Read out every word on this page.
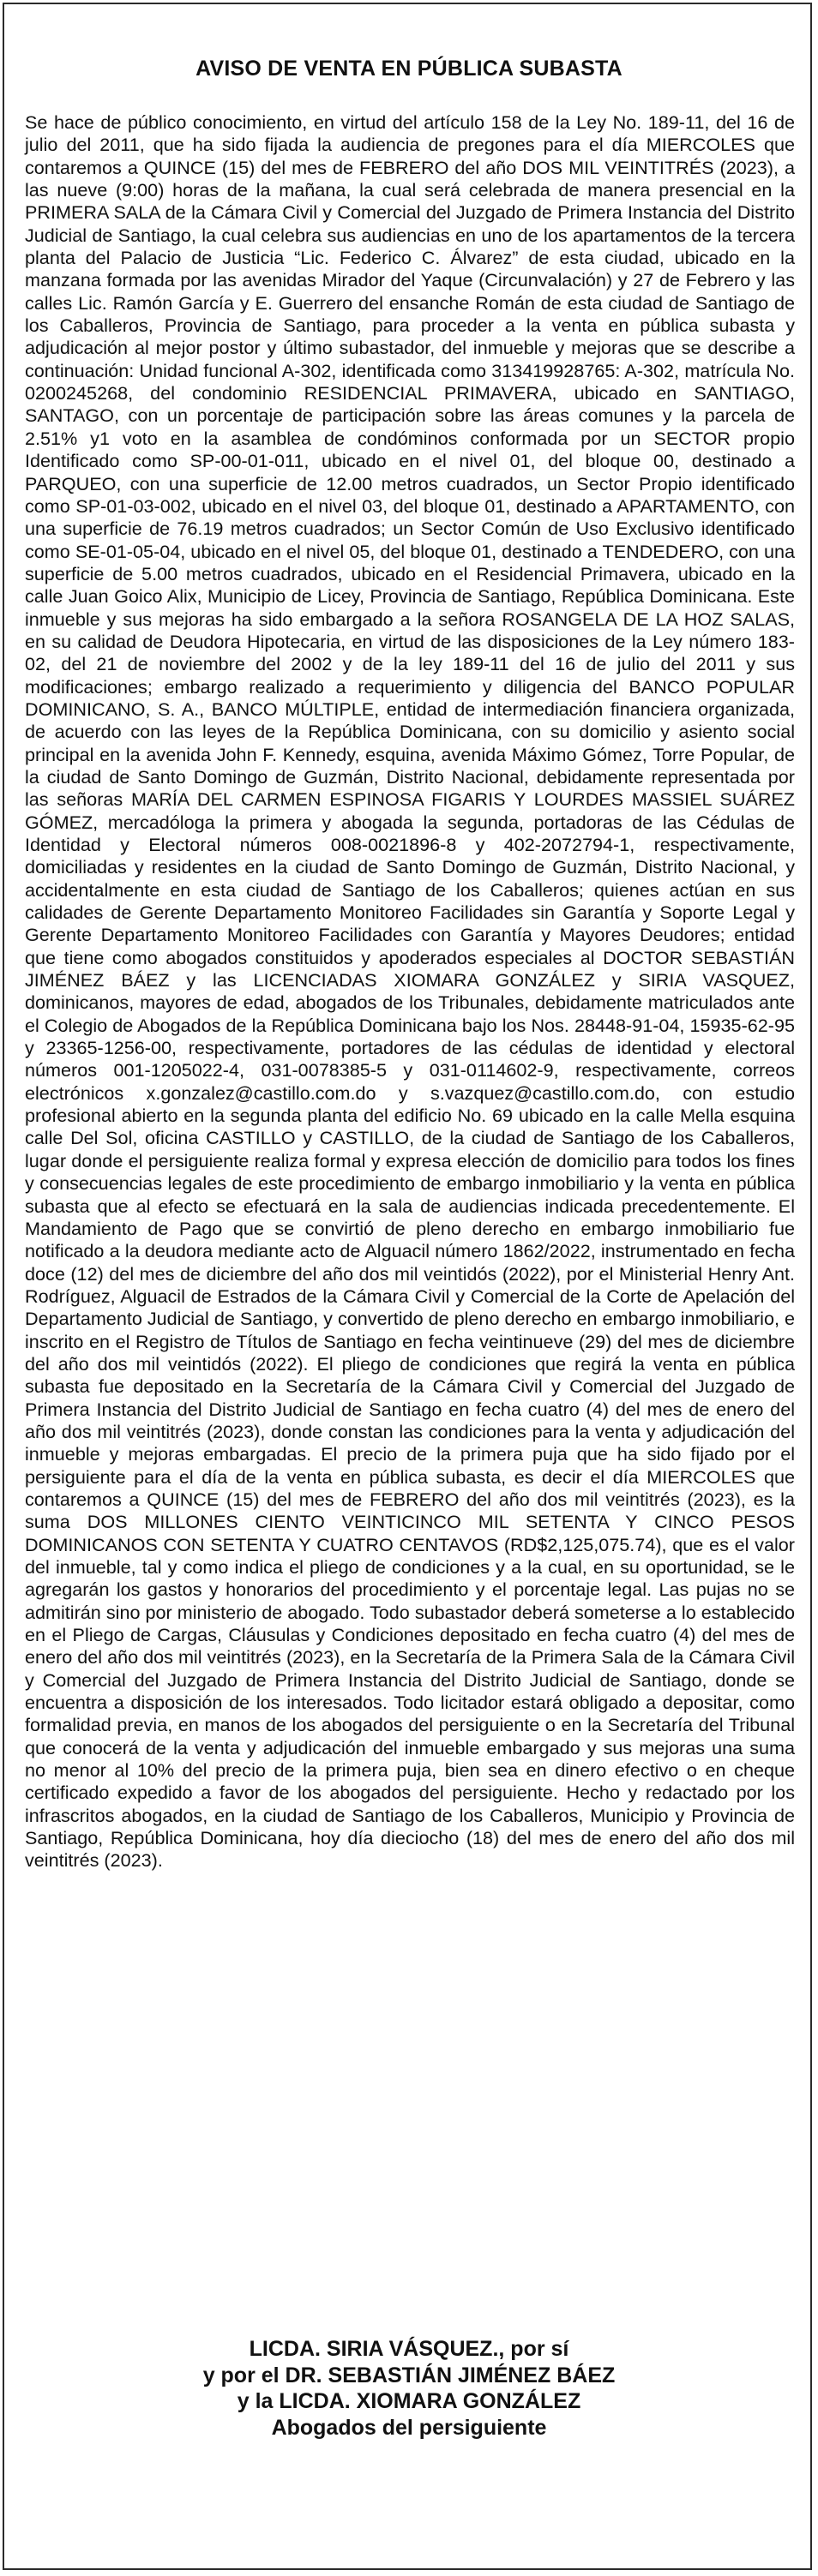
AVISO DE VENTA EN PÚBLICA SUBASTA

Se hace de público conocimiento, en virtud del artículo 158 de la Ley No. 189-11, del 16 de julio del 2011, que ha sido fijada la audiencia de pregones para el día MIERCOLES que contaremos a QUINCE (15) del mes de FEBRERO del año DOS MIL VEINTITRÉS (2023), a las nueve (9:00) horas de la mañana, la cual será celebrada de manera presencial en la PRIMERA SALA de la Cámara Civil y Comercial del Juzgado de Primera Instancia del Distrito Judicial de Santiago, la cual celebra sus audiencias en uno de los apartamentos de la tercera planta del Palacio de Justicia “Lic. Federico C. Álvarez” de esta ciudad, ubicado en la manzana formada por las avenidas Mirador del Yaque (Circunvalación) y 27 de Febrero y las calles Lic. Ramón García y E. Guerrero del ensanche Román de esta ciudad de Santiago de los Caballeros, Provincia de Santiago, para proceder a la venta en pública subasta y adjudicación al mejor postor y último subastador, del inmueble y mejoras que se describe a continuación: Unidad funcional A-302, identificada como 313419928765: A-302, matrícula No. 0200245268, del condominio RESIDENCIAL PRIMAVERA, ubicado en SANTIAGO, SANTAGO, con un porcentaje de participación sobre las áreas comunes y la parcela de 2.51% y1 voto en la asamblea de condóminos conformada por un SECTOR propio Identificado como SP-00-01-011, ubicado en el nivel 01, del bloque 00, destinado a PARQUEO, con una superficie de 12.00 metros cuadrados, un Sector Propio identificado como SP-01-03-002, ubicado en el nivel 03, del bloque 01, destinado a APARTAMENTO, con una superficie de 76.19 metros cuadrados; un Sector Común de Uso Exclusivo identificado como SE-01-05-04, ubicado en el nivel 05, del bloque 01, destinado a TENDEDERO, con una superficie de 5.00 metros cuadrados, ubicado en el Residencial Primavera, ubicado en la calle Juan Goico Alix, Municipio de Licey, Provincia de Santiago, República Dominicana. Este inmueble y sus mejoras ha sido embargado a la señora ROSANGELA DE LA HOZ SALAS, en su calidad de Deudora Hipotecaria, en virtud de las disposiciones de la Ley número 183-02, del 21 de noviembre del 2002 y de la ley 189-11 del 16 de julio del 2011 y sus modificaciones; embargo realizado a requerimiento y diligencia del BANCO POPULAR DOMINICANO, S. A., BANCO MÚLTIPLE, entidad de intermediación financiera organizada, de acuerdo con las leyes de la República Dominicana, con su domicilio y asiento social principal en la avenida John F. Kennedy, esquina, avenida Máximo Gómez, Torre Popular, de la ciudad de Santo Domingo de Guzmán, Distrito Nacional, debidamente representada por las señoras MARÍA DEL CARMEN ESPINOSA FIGARIS Y LOURDES MASSIEL SUÁREZ GÓMEZ, mercadóloga la primera y abogada la segunda, portadoras de las Cédulas de Identidad y Electoral números 008-0021896-8 y 402-2072794-1, respectivamente, domiciliadas y residentes en la ciudad de Santo Domingo de Guzmán, Distrito Nacional, y accidentalmente en esta ciudad de Santiago de los Caballeros; quienes actúan en sus calidades de Gerente Departamento Monitoreo Facilidades sin Garantía y Soporte Legal y Gerente Departamento Monitoreo Facilidades con Garantía y Mayores Deudores; entidad que tiene como abogados constituidos y apoderados especiales al DOCTOR SEBASTIÁN JIMÉNEZ BÁEZ y las LICENCIADAS XIOMARA GONZÁLEZ y SIRIA VASQUEZ, dominicanos, mayores de edad, abogados de los Tribunales, debidamente matriculados ante el Colegio de Abogados de la República Dominicana bajo los Nos. 28448-91-04, 15935-62-95 y 23365-1256-00, respectivamente, portadores de las cédulas de identidad y electoral números 001-1205022-4, 031-0078385-5 y 031-0114602-9, respectivamente, correos electrónicos x.gonzalez@castillo.com.do y s.vazquez@castillo.com.do, con estudio profesional abierto en la segunda planta del edificio No. 69 ubicado en la calle Mella esquina calle Del Sol, oficina CASTILLO y CASTILLO, de la ciudad de Santiago de los Caballeros, lugar donde el persiguiente realiza formal y expresa elección de domicilio para todos los fines y consecuencias legales de este procedimiento de embargo inmobiliario y la venta en pública subasta que al efecto se efectuará en la sala de audiencias indicada precedentemente. El Mandamiento de Pago que se convirtió de pleno derecho en embargo inmobiliario fue notificado a la deudora mediante acto de Alguacil número 1862/2022, instrumentado en fecha doce (12) del mes de diciembre del año dos mil veintidós (2022), por el Ministerial Henry Ant. Rodríguez, Alguacil de Estrados de la Cámara Civil y Comercial de la Corte de Apelación del Departamento Judicial de Santiago, y convertido de pleno derecho en embargo inmobiliario, e inscrito en el Registro de Títulos de Santiago en fecha veintinueve (29) del mes de diciembre del año dos mil veintidós (2022). El pliego de condiciones que regirá la venta en pública subasta fue depositado en la Secretaría de la Cámara Civil y Comercial del Juzgado de Primera Instancia del Distrito Judicial de Santiago en fecha cuatro (4) del mes de enero del año dos mil veintitrés (2023), donde constan las condiciones para la venta y adjudicación del inmueble y mejoras embargadas. El precio de la primera puja que ha sido fijado por el persiguiente para el día de la venta en pública subasta, es decir el día MIERCOLES que contaremos a QUINCE (15) del mes de FEBRERO del año dos mil veintitrés (2023), es la suma DOS MILLONES CIENTO VEINTICINCO MIL SETENTA Y CINCO PESOS DOMINICANOS CON SETENTA Y CUATRO CENTAVOS (RD$2,125,075.74), que es el valor del inmueble, tal y como indica el pliego de condiciones y a la cual, en su oportunidad, se le agregarán los gastos y honorarios del procedimiento y el porcentaje legal. Las pujas no se admitirán sino por ministerio de abogado. Todo subastador deberá someterse a lo establecido en el Pliego de Cargas, Cláusulas y Condiciones depositado en fecha cuatro (4) del mes de enero del año dos mil veintitrés (2023), en la Secretaría de la Primera Sala de la Cámara Civil y Comercial del Juzgado de Primera Instancia del Distrito Judicial de Santiago, donde se encuentra a disposición de los interesados. Todo licitador estará obligado a depositar, como formalidad previa, en manos de los abogados del persiguiente o en la Secretaría del Tribunal que conocerá de la venta y adjudicación del inmueble embargado y sus mejoras una suma no menor al 10% del precio de la primera puja, bien sea en dinero efectivo o en cheque certificado expedido a favor de los abogados del persiguiente. Hecho y redactado por los infrascritos abogados, en la ciudad de Santiago de los Caballeros, Municipio y Provincia de Santiago, República Dominicana, hoy día dieciocho (18) del mes de enero del año dos mil veintitrés (2023).

LICDA. SIRIA VÁSQUEZ., por sí
y por el DR. SEBASTIÁN JIMÉNEZ BÁEZ
y la LICDA. XIOMARA GONZÁLEZ
Abogados del persiguiente
